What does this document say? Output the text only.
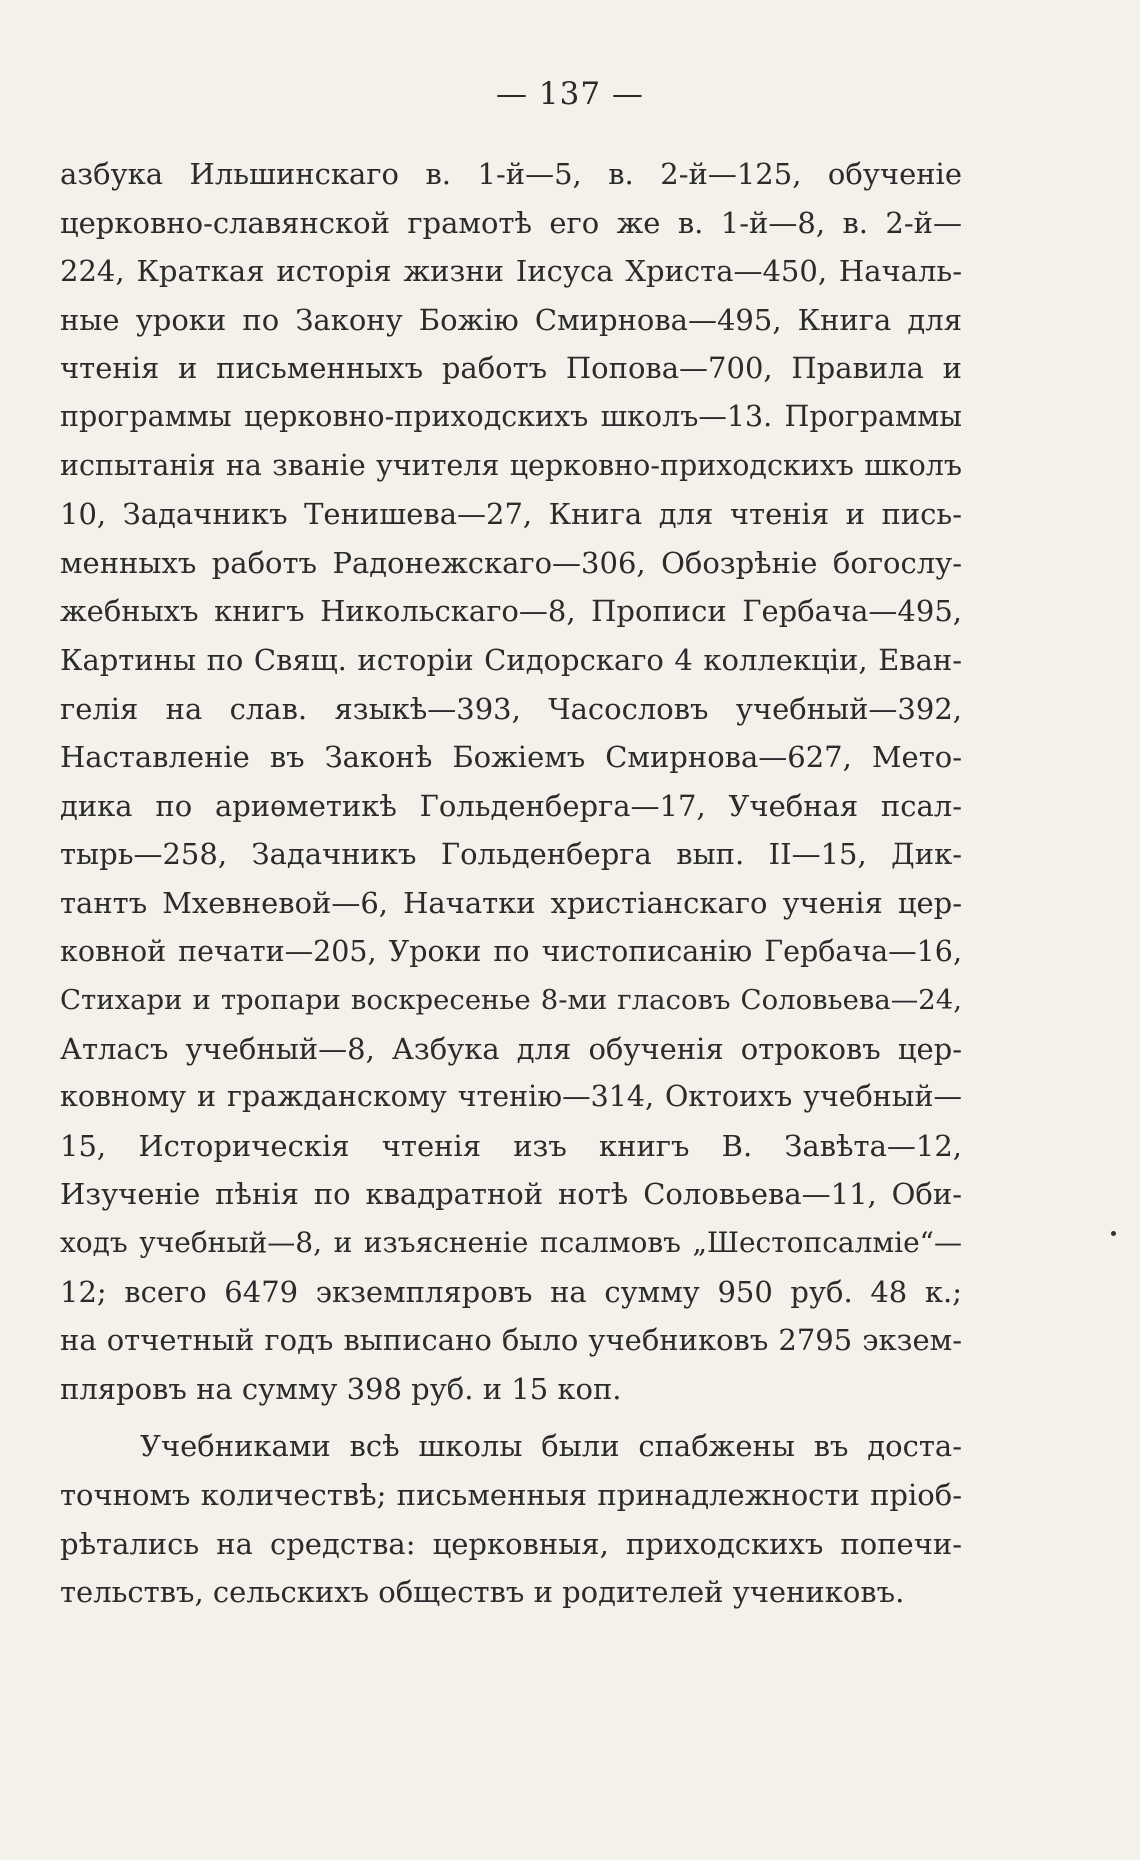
— 137 —
азбука Ильшинскаго в. 1-й—5, в. 2-й—125, обученіе
церковно-славянской грамотѣ его же в. 1-й—8, в. 2-й—
224, Краткая исторія жизни Іисуса Христа—450, Началь-
ные уроки по Закону Божію Смирнова—495, Книга для
чтенія и письменныхъ работъ Попова—700, Правила и
программы церковно-приходскихъ школъ—13. Программы
испытанія на званіе учителя церковно-приходскихъ школъ
10, Задачникъ Тенишева—27, Книга для чтенія и пись-
менныхъ работъ Радонежскаго—306, Обозрѣніе богослу-
жебныхъ книгъ Никольскаго—8, Прописи Гербача—495,
Картины по Свящ. исторіи Сидорскаго 4 коллекціи, Еван-
гелія на слав. языкѣ—393, Часословъ учебный—392,
Наставленіе въ Законѣ Божіемъ Смирнова—627, Мето-
дика по ариѳметикѣ Гольденберга—17, Учебная псал-
тырь—258, Задачникъ Гольденберга вып. II—15, Дик-
тантъ Мхевневой—6, Начатки христіанскаго ученія цер-
ковной печати—205, Уроки по чистописанію Гербача—16,
Стихари и тропари воскресенье 8-ми гласовъ Соловьева—24,
Атласъ учебный—8, Азбука для обученія отроковъ цер-
ковному и гражданскому чтенію—314, Октоихъ учебный—
15, Историческія чтенія изъ книгъ В. Завѣта—12,
Изученіе пѣнія по квадратной нотѣ Соловьева—11, Оби-
ходъ учебный—8, и изъясненіе псалмовъ „Шестопсалміе“—
12; всего 6479 экземпляровъ на сумму 950 руб. 48 к.;
на отчетный годъ выписано было учебниковъ 2795 экзем-
пляровъ на сумму 398 руб. и 15 коп.
Учебниками всѣ школы были спабжены въ доста-
точномъ количествѣ; письменныя принадлежности пріоб-
рѣтались на средства: церковныя, приходскихъ попечи-
тельствъ, сельскихъ обществъ и родителей учениковъ.
